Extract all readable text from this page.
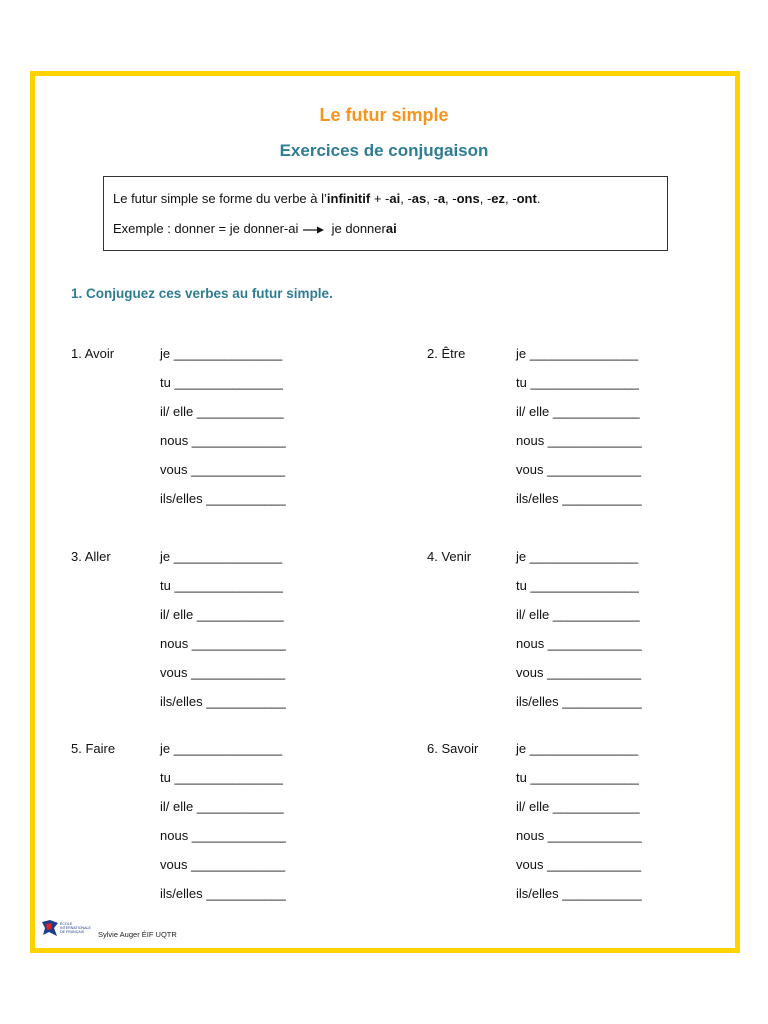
Le futur simple
Exercices de conjugaison
Le futur simple se forme du verbe à l’infinitif + -ai, -as, -a, -ons, -ez, -ont.
Exemple : donner = je donner-ai	je donnerai
1. Conjuguez ces verbes au futur simple.
1. Avoir	je _______________
tu _______________
il/ elle ____________
nous _____________
vous _____________
ils/elles ___________
2. Être	je _______________
tu _______________
il/ elle ____________
nous _____________
vous _____________
ils/elles ___________
3. Aller	je _______________
tu _______________
il/ elle ____________
nous _____________
vous _____________
ils/elles ___________
4. Venir	je _______________
tu _______________
il/ elle ____________
nous _____________
vous _____________
ils/elles ___________
5. Faire	je _______________
tu _______________
il/ elle ____________
nous _____________
vous _____________
ils/elles ___________
6. Savoir	je _______________
tu _______________
il/ elle ____________
nous _____________
vous _____________
ils/elles ___________
ÉCOLE
INTERNATIONALE
DE FRANÇAIS Sylvie Auger ÉIF UQTR
